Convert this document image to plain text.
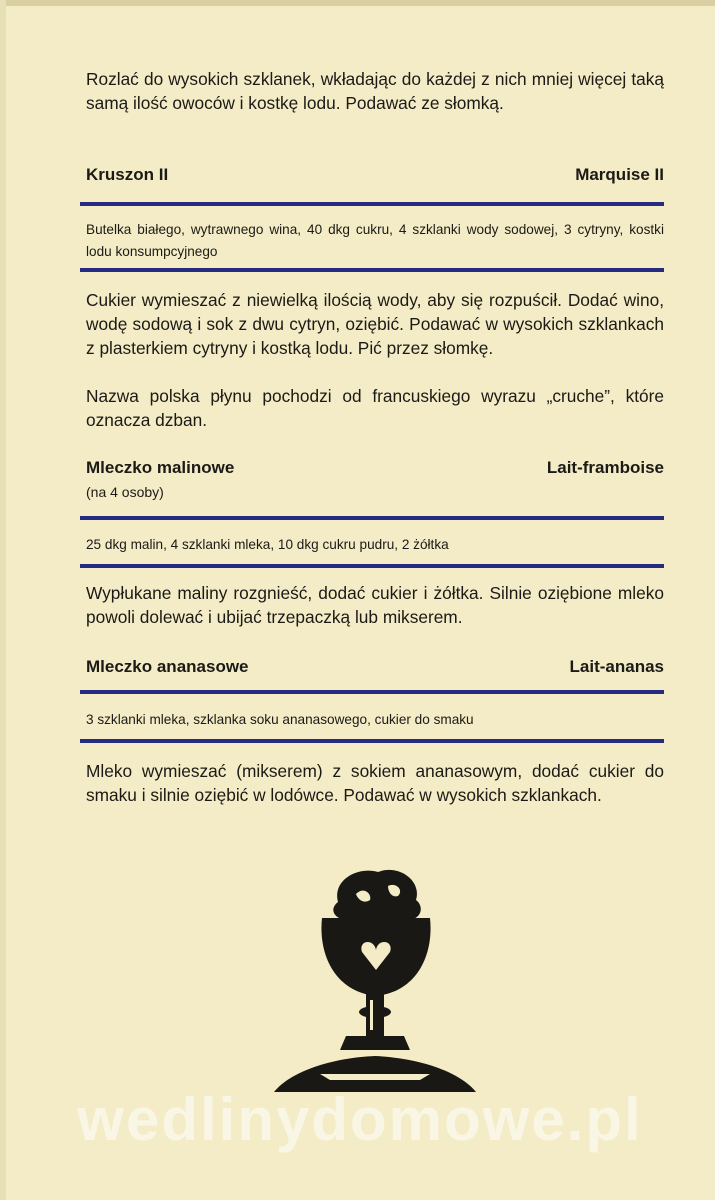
Rozlać do wysokich szklanek, wkładając do każdej z nich mniej więcej taką samą ilość owoców i kostkę lodu. Podawać ze słomką.

Kruszon II	Marquise II

Butelka białego, wytrawnego wina, 40 dkg cukru, 4 szklanki wody sodowej, 3 cytryny, kostki lodu konsumpcyjnego

Cukier wymieszać z niewielką ilością wody, aby się rozpuścił. Dodać wino, wodę sodową i sok z dwu cytryn, oziębić. Podawać w wysokich szklankach z plasterkiem cytryny i kostką lodu. Pić przez słomkę.

Nazwa polska płynu pochodzi od francuskiego wyrazu „cruche”, które oznacza dzban.

Mleczko malinowe	Lait-framboise
(na 4 osoby)

25 dkg malin, 4 szklanki mleka, 10 dkg cukru pudru, 2 żółtka

Wypłukane maliny rozgnieść, dodać cukier i żółtka. Silnie oziębione mleko powoli dolewać i ubijać trzepaczką lub mikserem.

Mleczko ananasowe	Lait-ananas

3 szklanki mleka, szklanka soku ananasowego, cukier do smaku

Mleko wymieszać (mikserem) z sokiem ananasowym, dodać cukier do smaku i silnie oziębić w lodówce. Podawać w wysokich szklankach.

wedlinydomowe.pl
